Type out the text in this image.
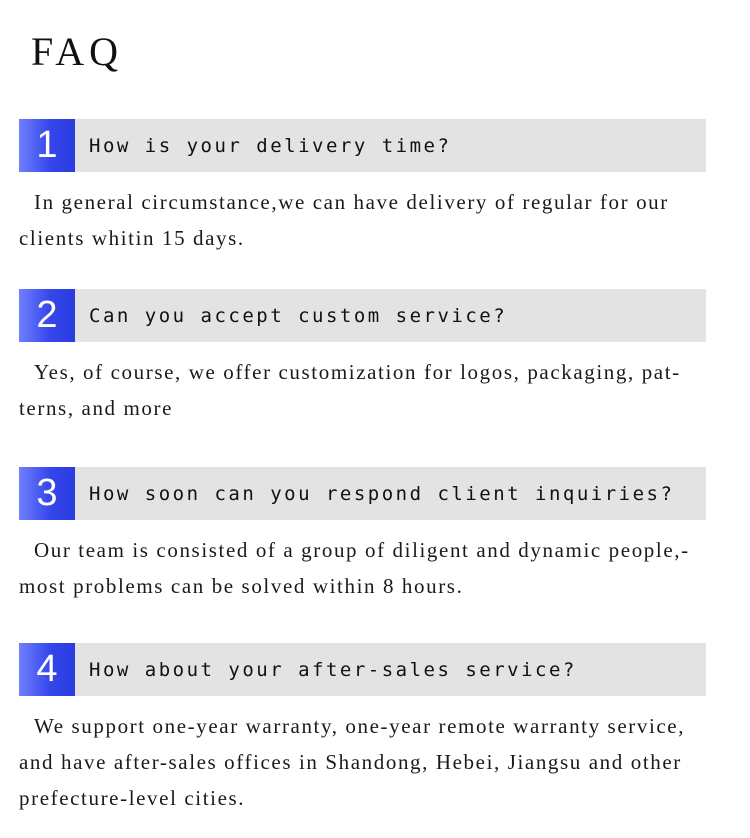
FAQ
1	How is your delivery time?
In general circumstance,we can have delivery of regular for our clients whitin 15 days.
2	Can you accept custom service?
Yes, of course, we offer customization for logos, packaging, pat-terns, and more
3	How soon can you respond client inquiries?
Our team is consisted of a group of diligent and dynamic people,-most problems can be solved within 8 hours.
4	How about your after-sales service?
We support one-year warranty, one-year remote warranty service, and have after-sales offices in Shandong, Hebei, Jiangsu and other prefecture-level cities.
